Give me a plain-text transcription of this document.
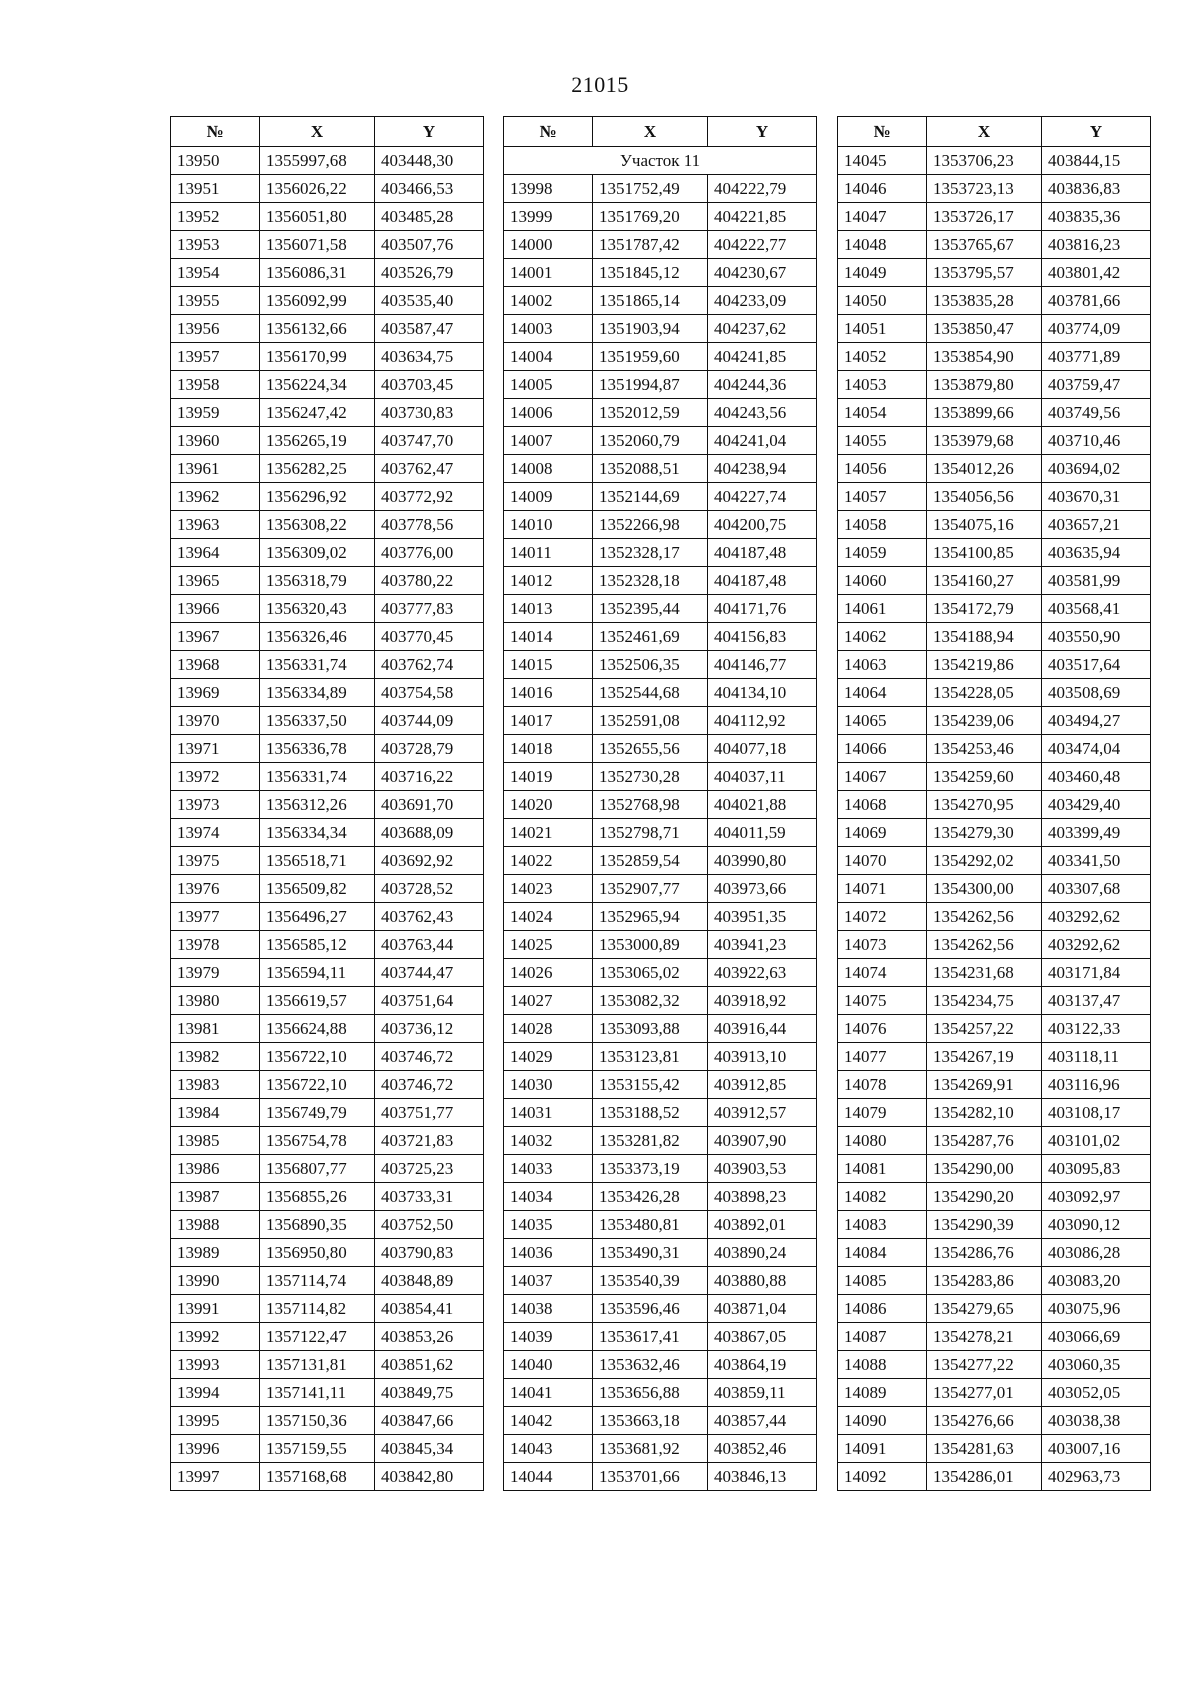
21015
№	X	Y
13950	1355997,68	403448,30
13951	1356026,22	403466,53
13952	1356051,80	403485,28
13953	1356071,58	403507,76
13954	1356086,31	403526,79
13955	1356092,99	403535,40
13956	1356132,66	403587,47
13957	1356170,99	403634,75
13958	1356224,34	403703,45
13959	1356247,42	403730,83
13960	1356265,19	403747,70
13961	1356282,25	403762,47
13962	1356296,92	403772,92
13963	1356308,22	403778,56
13964	1356309,02	403776,00
13965	1356318,79	403780,22
13966	1356320,43	403777,83
13967	1356326,46	403770,45
13968	1356331,74	403762,74
13969	1356334,89	403754,58
13970	1356337,50	403744,09
13971	1356336,78	403728,79
13972	1356331,74	403716,22
13973	1356312,26	403691,70
13974	1356334,34	403688,09
13975	1356518,71	403692,92
13976	1356509,82	403728,52
13977	1356496,27	403762,43
13978	1356585,12	403763,44
13979	1356594,11	403744,47
13980	1356619,57	403751,64
13981	1356624,88	403736,12
13982	1356722,10	403746,72
13983	1356722,10	403746,72
13984	1356749,79	403751,77
13985	1356754,78	403721,83
13986	1356807,77	403725,23
13987	1356855,26	403733,31
13988	1356890,35	403752,50
13989	1356950,80	403790,83
13990	1357114,74	403848,89
13991	1357114,82	403854,41
13992	1357122,47	403853,26
13993	1357131,81	403851,62
13994	1357141,11	403849,75
13995	1357150,36	403847,66
13996	1357159,55	403845,34
13997	1357168,68	403842,80
№	X	Y
Участок 11		
13998	1351752,49	404222,79
13999	1351769,20	404221,85
14000	1351787,42	404222,77
14001	1351845,12	404230,67
14002	1351865,14	404233,09
14003	1351903,94	404237,62
14004	1351959,60	404241,85
14005	1351994,87	404244,36
14006	1352012,59	404243,56
14007	1352060,79	404241,04
14008	1352088,51	404238,94
14009	1352144,69	404227,74
14010	1352266,98	404200,75
14011	1352328,17	404187,48
14012	1352328,18	404187,48
14013	1352395,44	404171,76
14014	1352461,69	404156,83
14015	1352506,35	404146,77
14016	1352544,68	404134,10
14017	1352591,08	404112,92
14018	1352655,56	404077,18
14019	1352730,28	404037,11
14020	1352768,98	404021,88
14021	1352798,71	404011,59
14022	1352859,54	403990,80
14023	1352907,77	403973,66
14024	1352965,94	403951,35
14025	1353000,89	403941,23
14026	1353065,02	403922,63
14027	1353082,32	403918,92
14028	1353093,88	403916,44
14029	1353123,81	403913,10
14030	1353155,42	403912,85
14031	1353188,52	403912,57
14032	1353281,82	403907,90
14033	1353373,19	403903,53
14034	1353426,28	403898,23
14035	1353480,81	403892,01
14036	1353490,31	403890,24
14037	1353540,39	403880,88
14038	1353596,46	403871,04
14039	1353617,41	403867,05
14040	1353632,46	403864,19
14041	1353656,88	403859,11
14042	1353663,18	403857,44
14043	1353681,92	403852,46
14044	1353701,66	403846,13
№	X	Y
14045	1353706,23	403844,15
14046	1353723,13	403836,83
14047	1353726,17	403835,36
14048	1353765,67	403816,23
14049	1353795,57	403801,42
14050	1353835,28	403781,66
14051	1353850,47	403774,09
14052	1353854,90	403771,89
14053	1353879,80	403759,47
14054	1353899,66	403749,56
14055	1353979,68	403710,46
14056	1354012,26	403694,02
14057	1354056,56	403670,31
14058	1354075,16	403657,21
14059	1354100,85	403635,94
14060	1354160,27	403581,99
14061	1354172,79	403568,41
14062	1354188,94	403550,90
14063	1354219,86	403517,64
14064	1354228,05	403508,69
14065	1354239,06	403494,27
14066	1354253,46	403474,04
14067	1354259,60	403460,48
14068	1354270,95	403429,40
14069	1354279,30	403399,49
14070	1354292,02	403341,50
14071	1354300,00	403307,68
14072	1354262,56	403292,62
14073	1354262,56	403292,62
14074	1354231,68	403171,84
14075	1354234,75	403137,47
14076	1354257,22	403122,33
14077	1354267,19	403118,11
14078	1354269,91	403116,96
14079	1354282,10	403108,17
14080	1354287,76	403101,02
14081	1354290,00	403095,83
14082	1354290,20	403092,97
14083	1354290,39	403090,12
14084	1354286,76	403086,28
14085	1354283,86	403083,20
14086	1354279,65	403075,96
14087	1354278,21	403066,69
14088	1354277,22	403060,35
14089	1354277,01	403052,05
14090	1354276,66	403038,38
14091	1354281,63	403007,16
14092	1354286,01	402963,73
